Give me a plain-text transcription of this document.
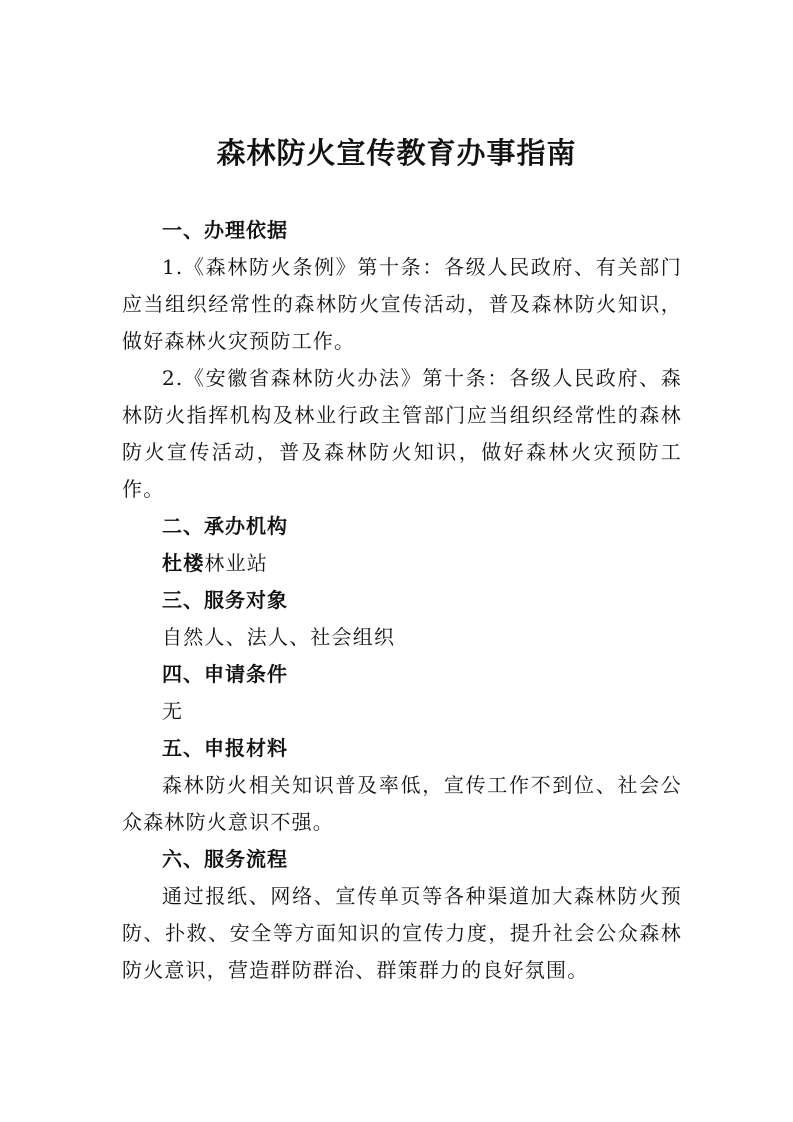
森林防火宣传教育办事指南
一、办理依据

1.《森林防火条例》第十条：各级人民政府、有关部门应当组织经常性的森林防火宣传活动，普及森林防火知识，做好森林火灾预防工作。

2.《安徽省森林防火办法》第十条：各级人民政府、森林防火指挥机构及林业行政主管部门应当组织经常性的森林防火宣传活动，普及森林防火知识，做好森林火灾预防工作。

二、承办机构
杜楼林业站
三、服务对象
自然人、法人、社会组织
四、申请条件
无
五、申报材料

森林防火相关知识普及率低，宣传工作不到位、社会公众森林防火意识不强。

六、服务流程

通过报纸、网络、宣传单页等各种渠道加大森林防火预防、扑救、安全等方面知识的宣传力度，提升社会公众森林防火意识，营造群防群治、群策群力的良好氛围。
